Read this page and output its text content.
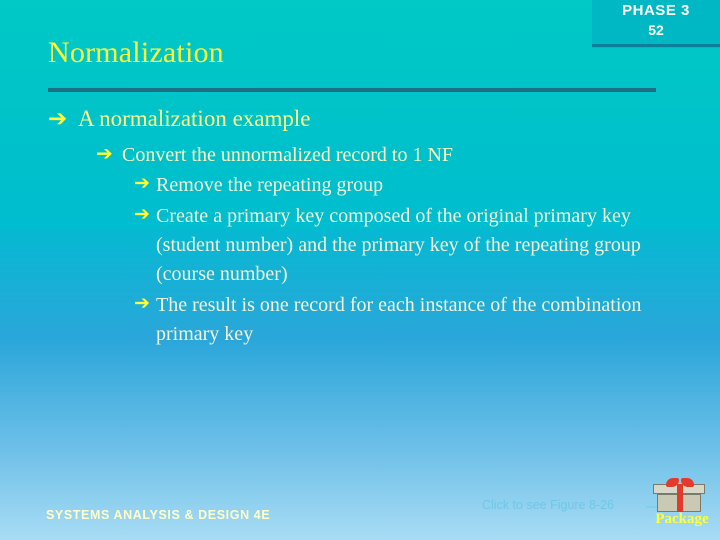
PHASE 3
52
Normalization
➔ A normalization example
➔ Convert the unnormalized record to 1 NF
➔ Remove the repeating group
➔ Create a primary key composed of the original primary key (student number) and the primary key of the repeating group (course number)
➔ The result is one record for each instance of the combination primary key
SYSTEMS ANALYSIS & DESIGN 4E
Click to see Figure 8-26
Package
